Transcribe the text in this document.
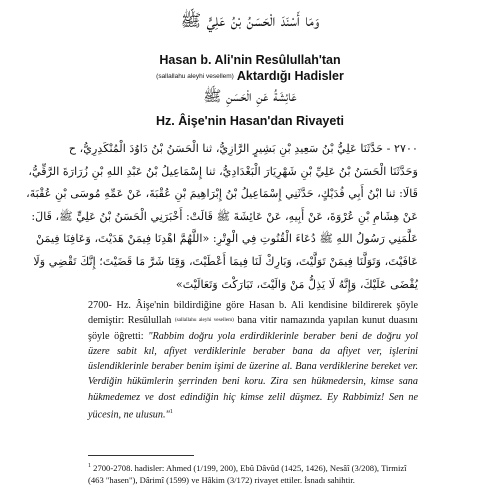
وَمَا أَسْنَدَ الْحَسَنُ بْنُ عَلِيٍّ ﷺ
Hasan b. Ali'nin Resûlullah'tan
(sallallahu aleyhi vesellem) Aktardığı Hadisler
عَائِشَةُ عَنِ الْحَسَنِ ﷺ
Hz. Âişe'nin Hasan'dan Rivayeti
٢٧٠٠ - حَدَّثَنَا عَلِيُّ بْنُ سَعِيدِ بْنِ بَشِيرٍ الرَّازِيُّ، ثنا الْحَسَنُ بْنُ دَاوُدَ الْمُنْكَدِرِيُّ، ح
وَحَدَّثَنَا الْحَسَنُ بْنُ عَلِيِّ بْنِ شَهْرِيَارَ الْبَغْدَادِيُّ، ثنا إِسْمَاعِيلُ بْنُ عَبْدِ اللهِ بْنِ زُرَارَةَ الرَّقِّيُّ،
قَالَا: ثنا ابْنُ أَبِي فُدَيْكٍ، حَدَّثَنِي إِسْمَاعِيلُ بْنُ إِبْرَاهِيمَ بْنِ عُقْبَةَ، عَنْ عَمِّهِ مُوسَى بْنِ عُقْبَةَ،
عَنْ هِشَامِ بْنِ عُرْوَةَ، عَنْ أَبِيهِ، عَنْ عَائِشَةَ ﷺ قَالَتْ: أَخْبَرَنِي الْحَسَنُ بْنُ عَلِيٍّ ﷺ، قَالَ:
عَلَّمَنِي رَسُولُ اللهِ ﷺ دُعَاءَ الْقُنُوتِ فِي الْوِتْرِ: «اللَّهُمَّ اهْدِنَا فِيمَنْ هَدَيْتَ، وَعَافِنَا فِيمَنْ
عَافَيْتَ، وَتَوَلَّنَا فِيمَنْ تَوَلَّيْتَ، وَبَارِكْ لَنَا فِيمَا أَعْطَيْتَ، وَقِنَا شَرَّ مَا قَضَيْتَ؛ إِنَّكَ تَقْضِي وَلَا
يُقْضَى عَلَيْكَ، وَإِنَّهُ لَا يَذِلُّ مَنْ وَالَيْتَ، تَبَارَكْتَ وَتَعَالَيْتَ»
2700- Hz. Âişe'nin bildirdiğine göre Hasan b. Ali kendisine bildirerek şöyle demiştir: Resûlullah (sallallahu aleyhi vesellem) bana vitir namazında yapılan kunut duasını şöyle öğretti: "Rabbim doğru yola erdirdiklerinle beraber beni de doğru yol üzere sabit kıl, afiyet verdiklerinle beraber bana da afiyet ver, işlerini üslendiklerinle beraber benim işimi de üzerine al. Bana verdiklerine bereket ver. Verdiğin hükümlerin şerrinden beni koru. Zira sen hükmedersin, kimse sana hükmedemez ve dost edindiğin hiç kimse zelil düşmez. Ey Rabbimiz! Sen ne yücesin, ne ulusun."$^1$
$^1$ 2700-2708. hadisler: Ahmed (1/199, 200), Ebû Dâvûd (1425, 1426), Nesâî (3/208), Tirmizî (463 "hasen"), Dârimî (1599) ve Hâkim (3/172) rivayet ettiler. İsnadı sahihtir.
